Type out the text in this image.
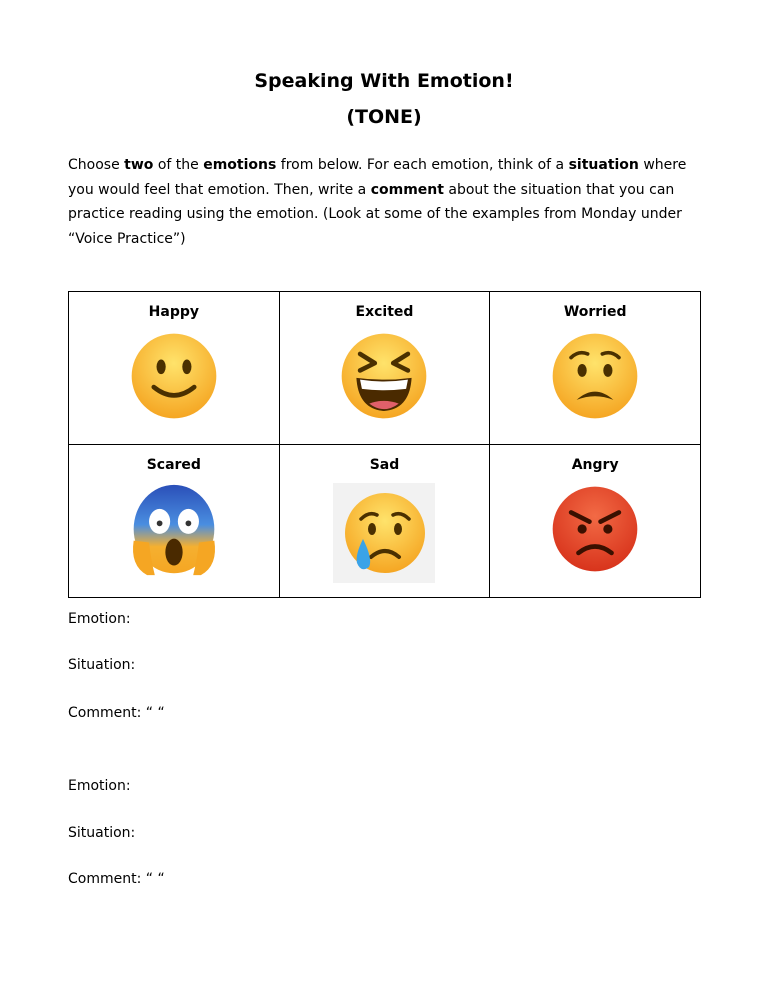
Speaking With Emotion!
(TONE)
Choose two of the emotions from below. For each emotion, think of a situation where you would feel that emotion. Then, write a comment about the situation that you can practice reading using the emotion. (Look at some of the examples from Monday under “Voice Practice”)
Happy	Excited	Worried

Scared	Sad	Angry
Emotion:
Situation:
Comment: “ “
Emotion:
Situation:
Comment: “ “
